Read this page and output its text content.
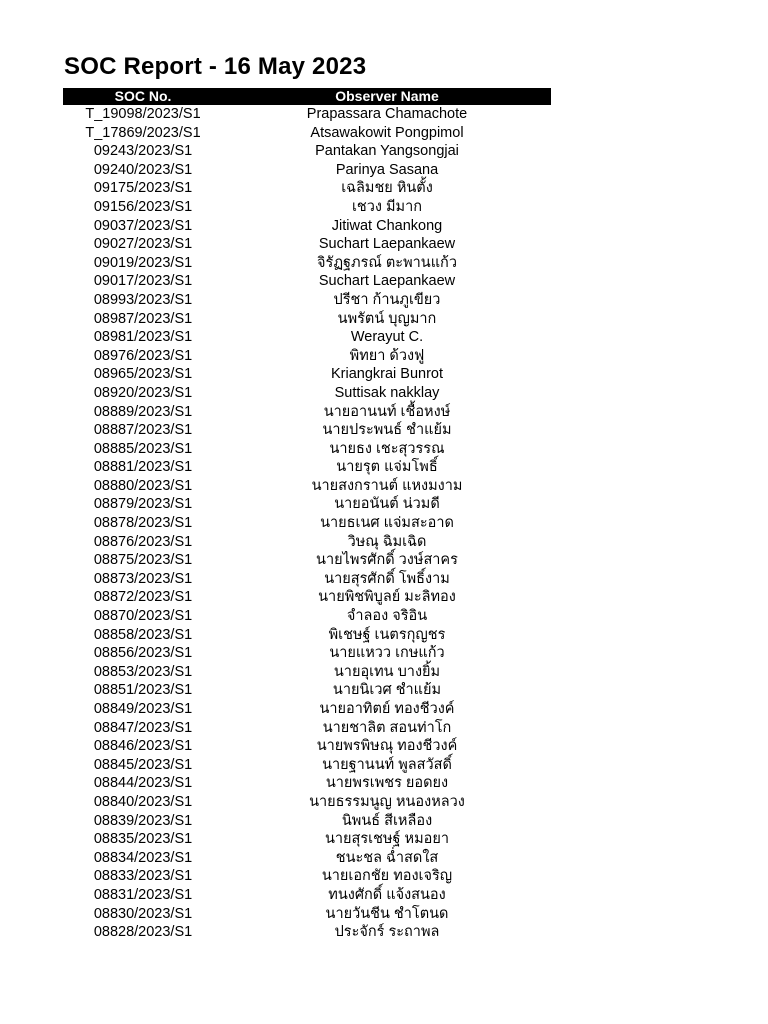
SOC Report - 16 May 2023
SOC No.	Observer Name
T_19098/2023/S1	Prapassara Chamachote
T_17869/2023/S1	Atsawakowit Pongpimol
09243/2023/S1	Pantakan Yangsongjai
09240/2023/S1	Parinya Sasana
09175/2023/S1	เฉลิมชย หินตั้ง
09156/2023/S1	เชวง มีมาก
09037/2023/S1	Jitiwat Chankong
09027/2023/S1	Suchart Laepankaew
09019/2023/S1	จิรัฏฐภรณ์ ตะพานแก้ว
09017/2023/S1	Suchart Laepankaew
08993/2023/S1	ปรีชา ก้านภูเขียว
08987/2023/S1	นพรัตน์ บุญมาก
08981/2023/S1	Werayut C.
08976/2023/S1	พิทยา ด้วงฟู
08965/2023/S1	Kriangkrai Bunrot
08920/2023/S1	Suttisak nakklay
08889/2023/S1	นายอานนท์ เชื้อหงษ์
08887/2023/S1	นายประพนธ์ ชำแย้ม
08885/2023/S1	นายธง เชะสุวรรณ
08881/2023/S1	นายรุต แจ่มโพธิ์
08880/2023/S1	นายสงกรานต์ แหงมงาม
08879/2023/S1	นายอนันต์ น่วมดี
08878/2023/S1	นายธเนศ แจ่มสะอาด
08876/2023/S1	วิษณุ ฉิมเฉิด
08875/2023/S1	นายไพรศักดิ์ วงษ์สาคร
08873/2023/S1	นายสุรศักดิ์ โพธิ์งาม
08872/2023/S1	นายพิชพิบูลย์ มะลิทอง
08870/2023/S1	จำลอง จริอิน
08858/2023/S1	พิเชษฐ์ เนตรกุญชร
08856/2023/S1	นายแหวว เกษแก้ว
08853/2023/S1	นายอุเทน บางยิ้ม
08851/2023/S1	นายนิเวศ ชำแย้ม
08849/2023/S1	นายอาทิตย์ ทองชีวงค์
08847/2023/S1	นายชาลิต สอนท่าโก
08846/2023/S1	นายพรพิษณุ ทองชีวงค์
08845/2023/S1	นายฐานนท์ พูลสวัสดิ์
08844/2023/S1	นายพรเพชร ยอดยง
08840/2023/S1	นายธรรมนูญ หนองหลวง
08839/2023/S1	นิพนธ์ สีเหลือง
08835/2023/S1	นายสุรเชษฐ์ หมอยา
08834/2023/S1	ชนะชล ฉ่ำสดใส
08833/2023/S1	นายเอกชัย ทองเจริญ
08831/2023/S1	ทนงศักดิ์ แจ้งสนอง
08830/2023/S1	นายวันชีน ชำโตนด
08828/2023/S1	ประจักร์ ระถาพล
